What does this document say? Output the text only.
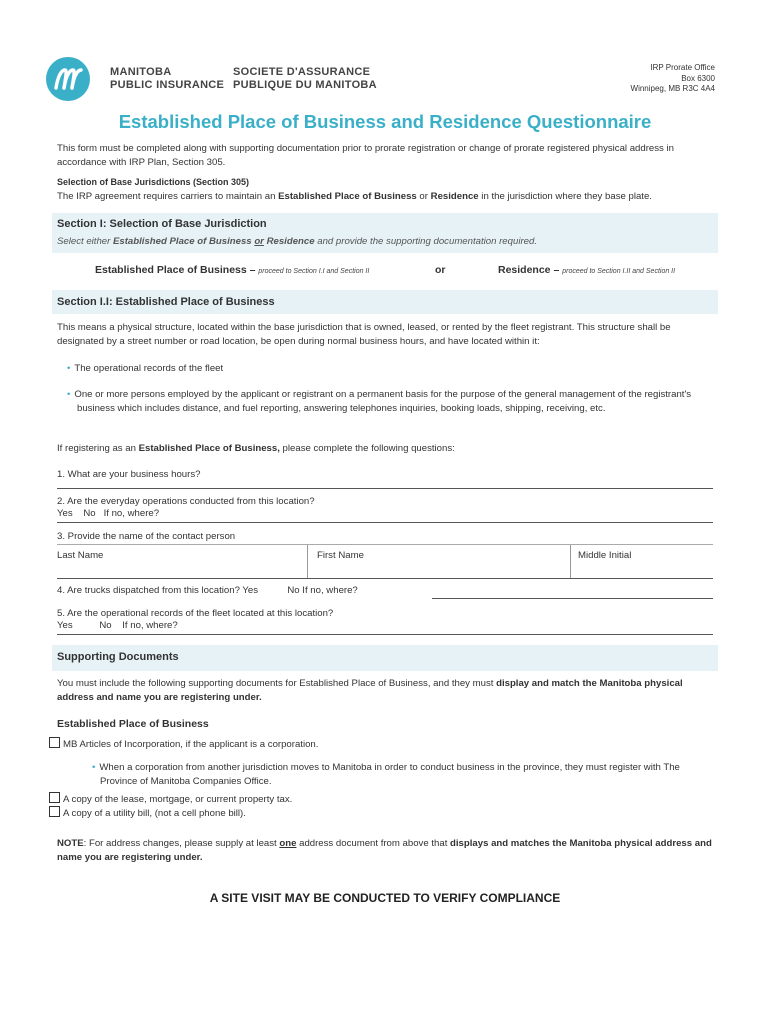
MANITOBA
PUBLIC INSURANCE
SOCIETE D'ASSURANCE
PUBLIQUE DU MANITOBA
IRP Prorate Office
Box 6300
Winnipeg, MB R3C 4A4
Established Place of Business and Residence Questionnaire
This form must be completed along with supporting documentation prior to prorate registration or change of prorate registered physical address in accordance with IRP Plan, Section 305.
Selection of Base Jurisdictions (Section 305)
The IRP agreement requires carriers to maintain an Established Place of Business or Residence in the jurisdiction where they base plate.
Section I: Selection of Base Jurisdiction
Select either Established Place of Business or Residence and provide the supporting documentation required.
Established Place of Business – proceed to Section I.I and Section II	or	Residence – proceed to Section I.II and Section II
Section I.I: Established Place of Business
This means a physical structure, located within the base jurisdiction that is owned, leased, or rented by the fleet registrant. This structure shall be designated by a street number or road location, be open during normal business hours, and have located within it:
• The operational records of the fleet
• One or more persons employed by the applicant or registrant on a permanent basis for the purpose of the general management of the registrant's business which includes distance, and fuel reporting, answering telephones inquiries, booking loads, shipping, receiving, etc.
If registering as an Established Place of Business, please complete the following questions:
1. What are your business hours?
2. Are the everyday operations conducted from this location?
Yes No If no, where?
3. Provide the name of the contact person
Last Name	First Name	Middle Initial
4. Are trucks dispatched from this location? Yes	No If no, where?
5. Are the operational records of the fleet located at this location?
Yes	No If no, where?
Supporting Documents
You must include the following supporting documents for Established Place of Business, and they must display and match the Manitoba physical address and name you are registering under.
Established Place of Business
MB Articles of Incorporation, if the applicant is a corporation.
• When a corporation from another jurisdiction moves to Manitoba in order to conduct business in the province, they must register with The Province of Manitoba Companies Office.
A copy of the lease, mortgage, or current property tax.
A copy of a utility bill, (not a cell phone bill).
NOTE: For address changes, please supply at least one address document from above that displays and matches the Manitoba physical address and name you are registering under.
A SITE VISIT MAY BE CONDUCTED TO VERIFY COMPLIANCE
